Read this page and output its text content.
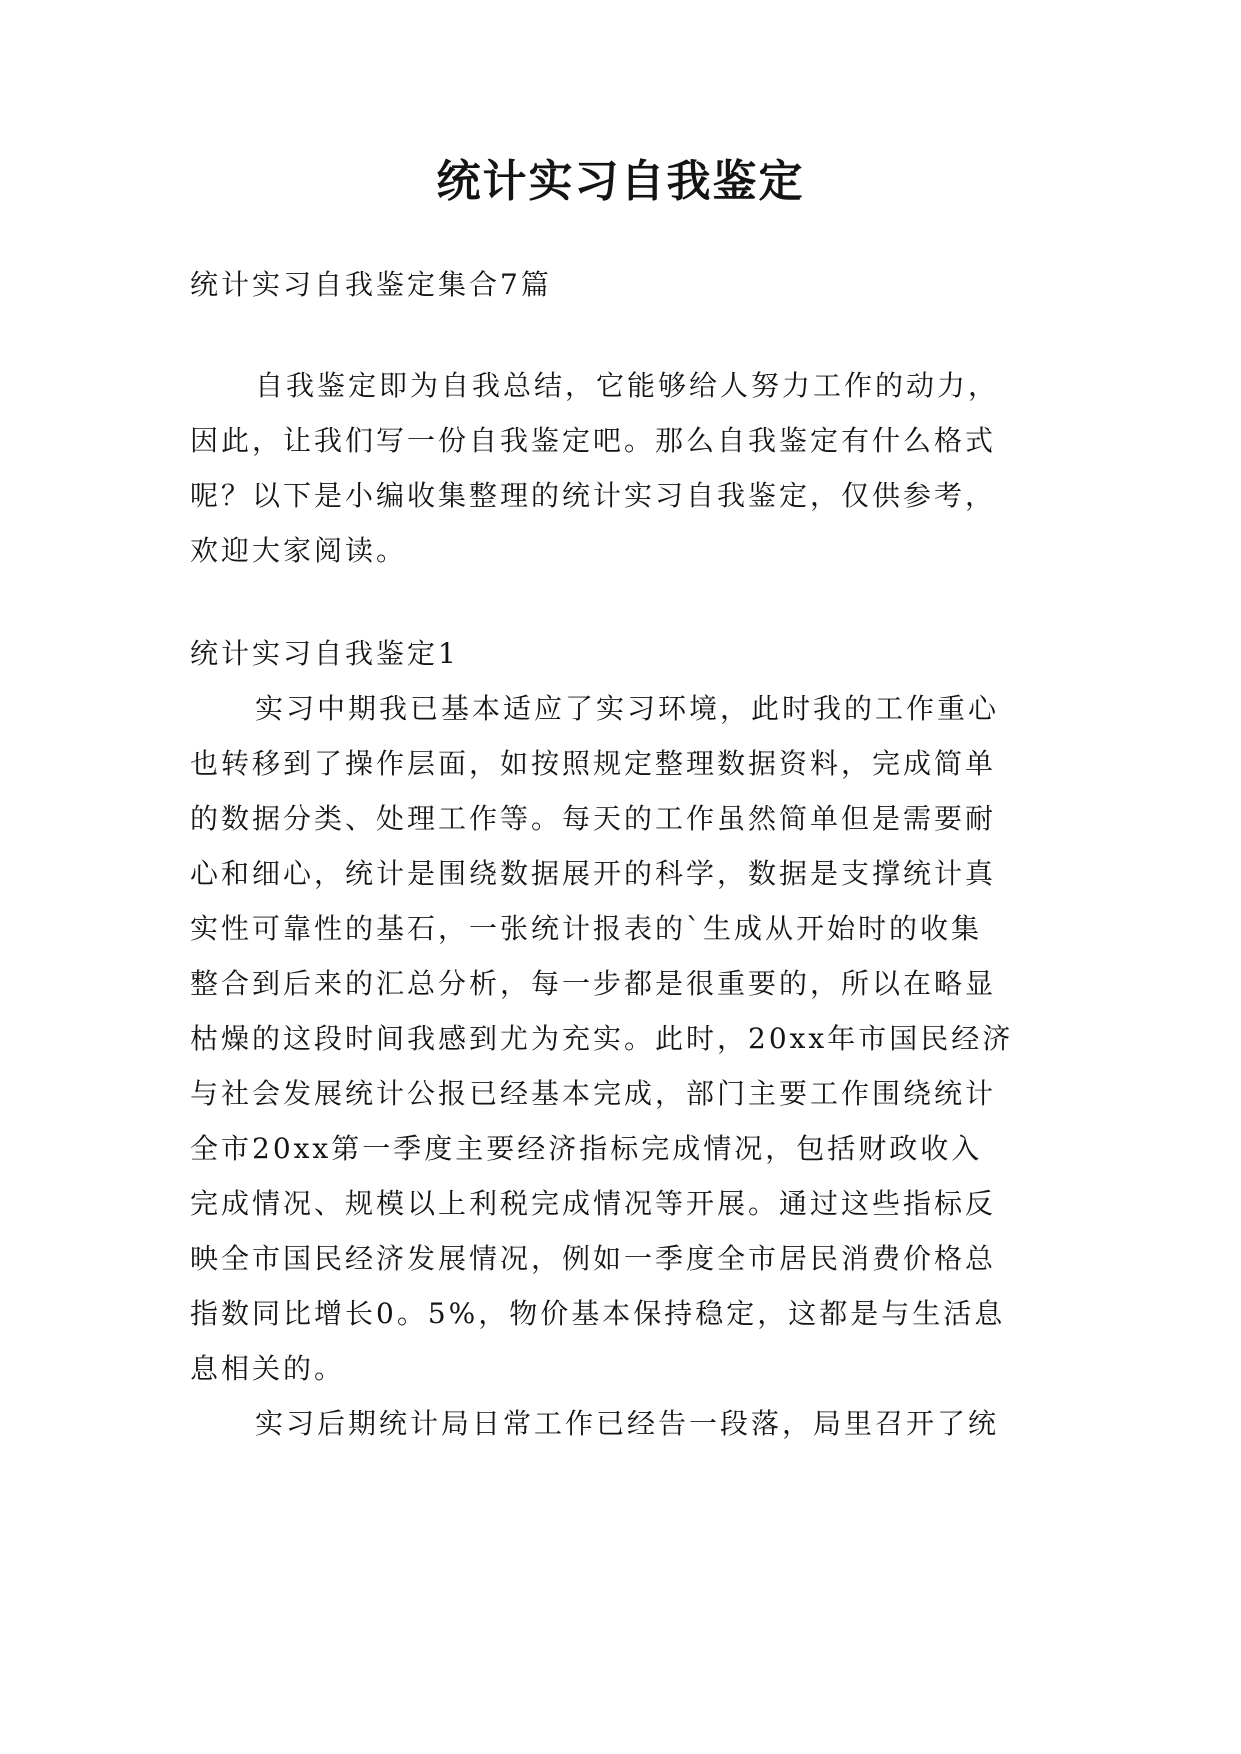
统计实习自我鉴定

统计实习自我鉴定集合7篇

自我鉴定即为自我总结，它能够给人努力工作的动力，

因此，让我们写一份自我鉴定吧。那么自我鉴定有什么格式

呢？以下是小编收集整理的统计实习自我鉴定，仅供参考，

欢迎大家阅读。

统计实习自我鉴定1

实习中期我已基本适应了实习环境，此时我的工作重心

也转移到了操作层面，如按照规定整理数据资料，完成简单

的数据分类、处理工作等。每天的工作虽然简单但是需要耐

心和细心，统计是围绕数据展开的科学，数据是支撑统计真

实性可靠性的基石，一张统计报表的`生成从开始时的收集

整合到后来的汇总分析，每一步都是很重要的，所以在略显

枯燥的这段时间我感到尤为充实。此时，20xx年市国民经济

与社会发展统计公报已经基本完成，部门主要工作围绕统计

全市20xx第一季度主要经济指标完成情况，包括财政收入

完成情况、规模以上利税完成情况等开展。通过这些指标反

映全市国民经济发展情况，例如一季度全市居民消费价格总

指数同比增长0。5%，物价基本保持稳定，这都是与生活息

息相关的。

实习后期统计局日常工作已经告一段落，局里召开了统
